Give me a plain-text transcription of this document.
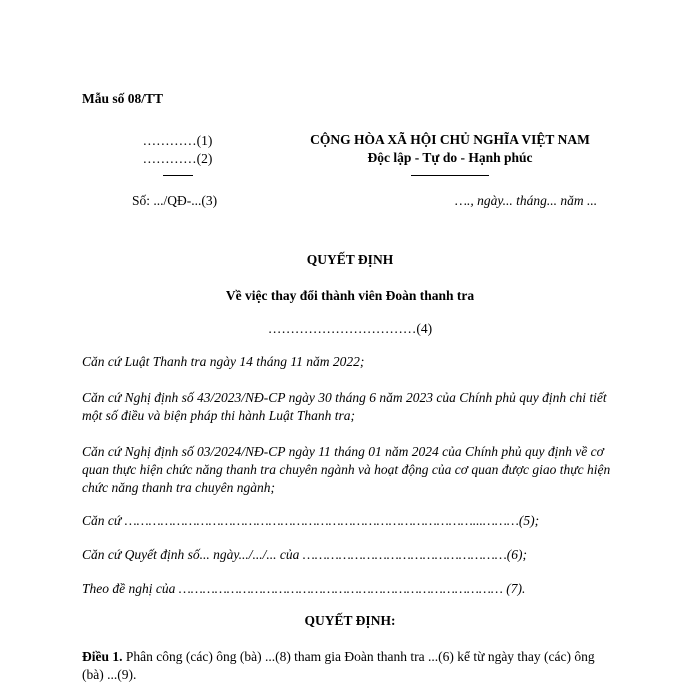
Mẫu số 08/TT
…………(1)
…………(2)
Số: .../QĐ-...(3)
CỘNG HÒA XÃ HỘI CHỦ NGHĨA VIỆT NAM
Độc lập - Tự do - Hạnh phúc
…., ngày... tháng... năm ...
QUYẾT ĐỊNH
Về việc thay đổi thành viên Đoàn thanh tra
……………………………(4)
Căn cứ Luật Thanh tra ngày 14 tháng 11 năm 2022;
Căn cứ Nghị định số 43/2023/NĐ-CP ngày 30 tháng 6 năm 2023 của Chính phủ quy định chi tiết một số điều và biện pháp thi hành Luật Thanh tra;
Căn cứ Nghị định số 03/2024/NĐ-CP ngày 11 tháng 01 năm 2024 của Chính phủ quy định về cơ quan thực hiện chức năng thanh tra chuyên ngành và hoạt động của cơ quan được giao thực hiện chức năng thanh tra chuyên ngành;
Căn cứ ……………………………………………………………………………...………(5);
Căn cứ Quyết định số... ngày.../.../... của ……………………………………………(6);
Theo đề nghị của ……………………………………………………………………… (7).
QUYẾT ĐỊNH:
Điều 1. Phân công (các) ông (bà) ...(8) tham gia Đoàn thanh tra ...(6) kể từ ngày thay (các) ông (bà) ...(9).
